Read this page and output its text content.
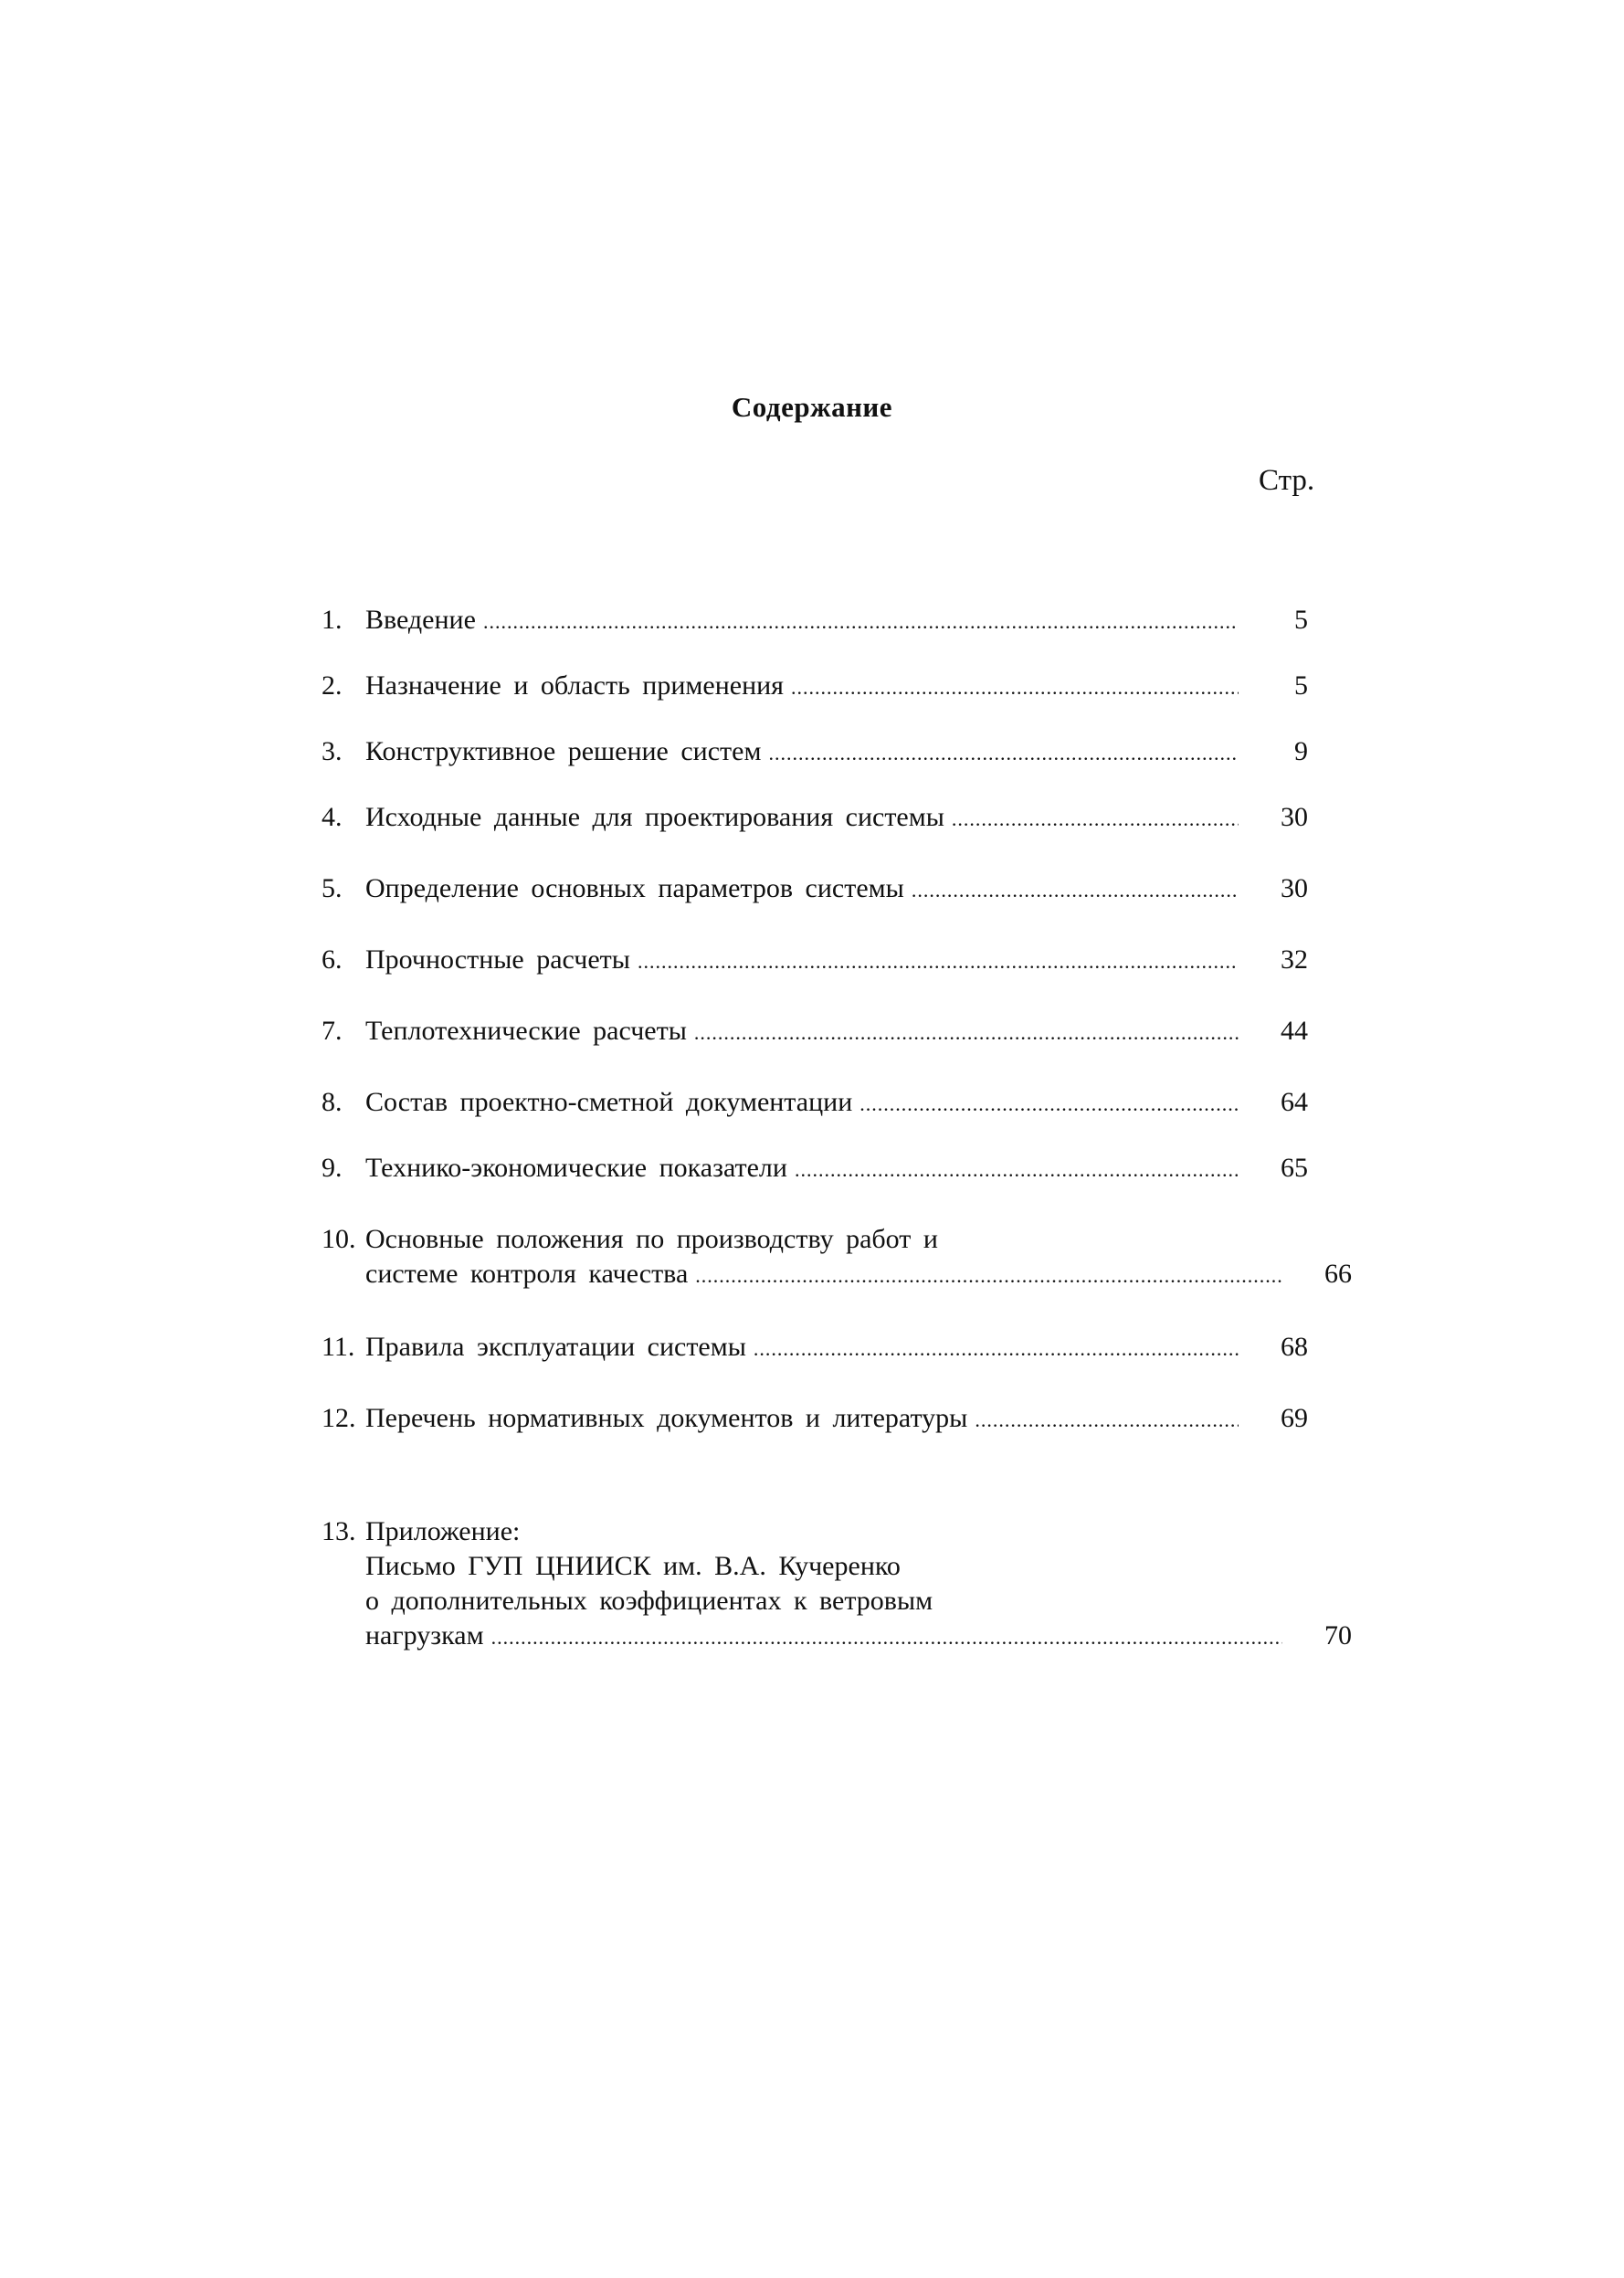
Содержание
Стр.
1. Введение .....	5
2. Назначение и область применения .....	5
3. Конструктивное решение систем .....	9
4. Исходные данные для проектирования системы .....	30
5. Определение основных параметров системы .....	30
6. Прочностные расчеты .....	32
7. Теплотехнические расчеты .....	44
8. Состав проектно-сметной документации .....	64
9. Технико-экономические показатели .....	65
10. Основные положения по производству работ и
системе контроля качества .....	66
11. Правила эксплуатации системы .....	68
12. Перечень нормативных документов и литературы .....	69
13. Приложение:
Письмо ГУП ЦНИИСК им. В.А. Кучеренко
о дополнительных коэффициентах к ветровым
нагрузкам .....	70
